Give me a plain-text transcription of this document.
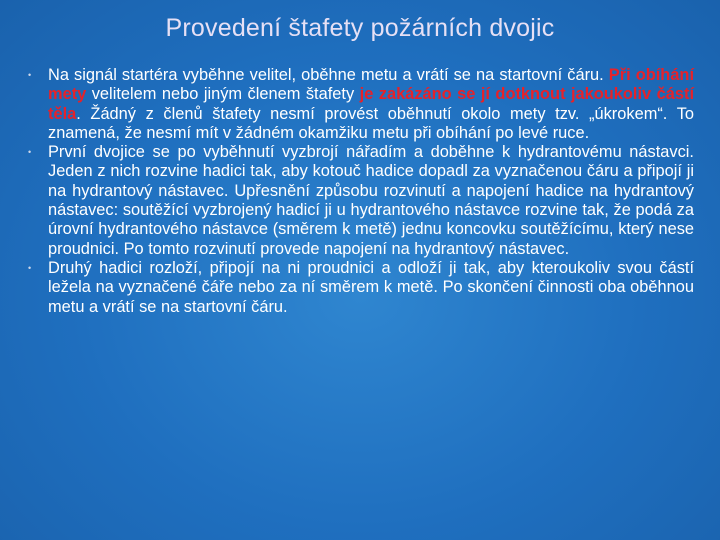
Provedení štafety požárních dvojic
• Na signál startéra vyběhne velitel, oběhne metu a vrátí se na startovní čáru. Při obíhání mety velitelem nebo jiným členem štafety je zakázáno se jí dotknout jakoukoliv částí těla. Žádný z členů štafety nesmí provést oběhnutí okolo mety tzv. „úkrokem“. To znamená, že nesmí mít v žádném okamžiku metu při obíhání po levé ruce.
• První dvojice se po vyběhnutí vyzbrojí nářadím a doběhne k hydrantovému nástavci. Jeden z nich rozvine hadici tak, aby kotouč hadice dopadl za vyznačenou čáru a připojí ji na hydrantový nástavec. Upřesnění způsobu rozvinutí a napojení hadice na hydrantový nástavec: soutěžící vyzbrojený hadicí ji u hydrantového nástavce rozvine tak, že podá za úrovní hydrantového nástavce (směrem k metě) jednu koncovku soutěžícímu, který nese proudnici. Po tomto rozvinutí provede napojení na hydrantový nástavec.
• Druhý hadici rozloží, připojí na ni proudnici a odloží ji tak, aby kteroukoliv svou částí ležela na vyznačené čáře nebo za ní směrem k metě. Po skončení činnosti oba oběhnou metu a vrátí se na startovní čáru.
